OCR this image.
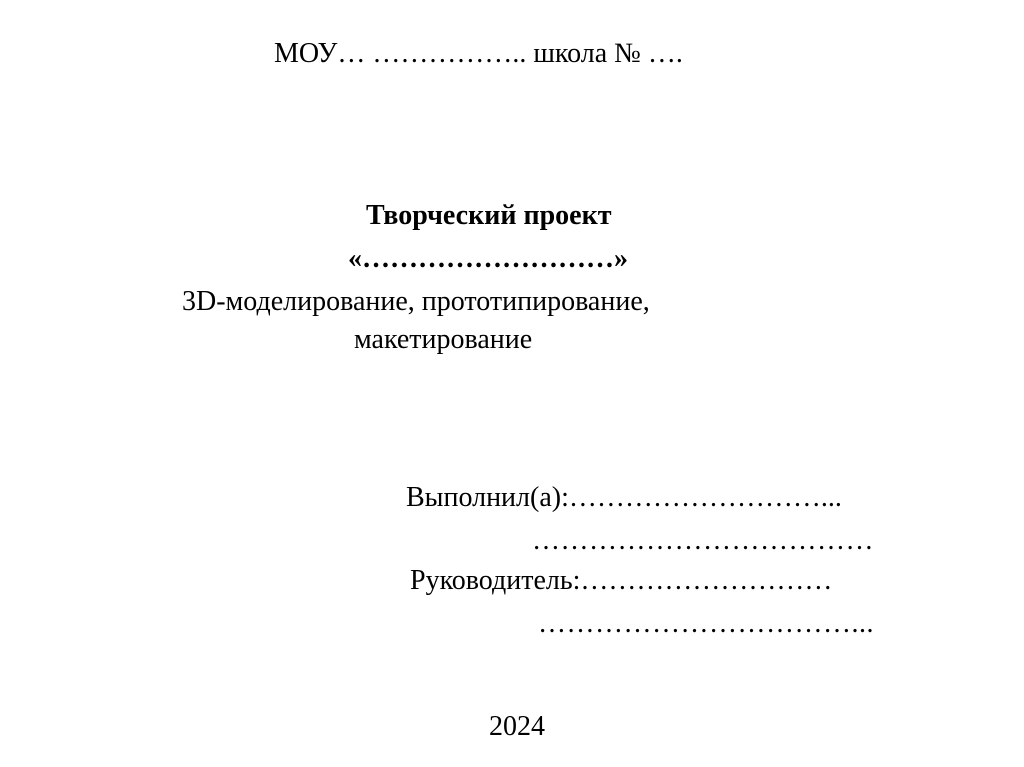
МОУ… …………….. школа № ….
Творческий проект
«………………………»
3D-моделирование, прототипирование,
макетирование
Выполнил(а):………………………...
………………………………
Руководитель:………………………
……………………………...
2024
